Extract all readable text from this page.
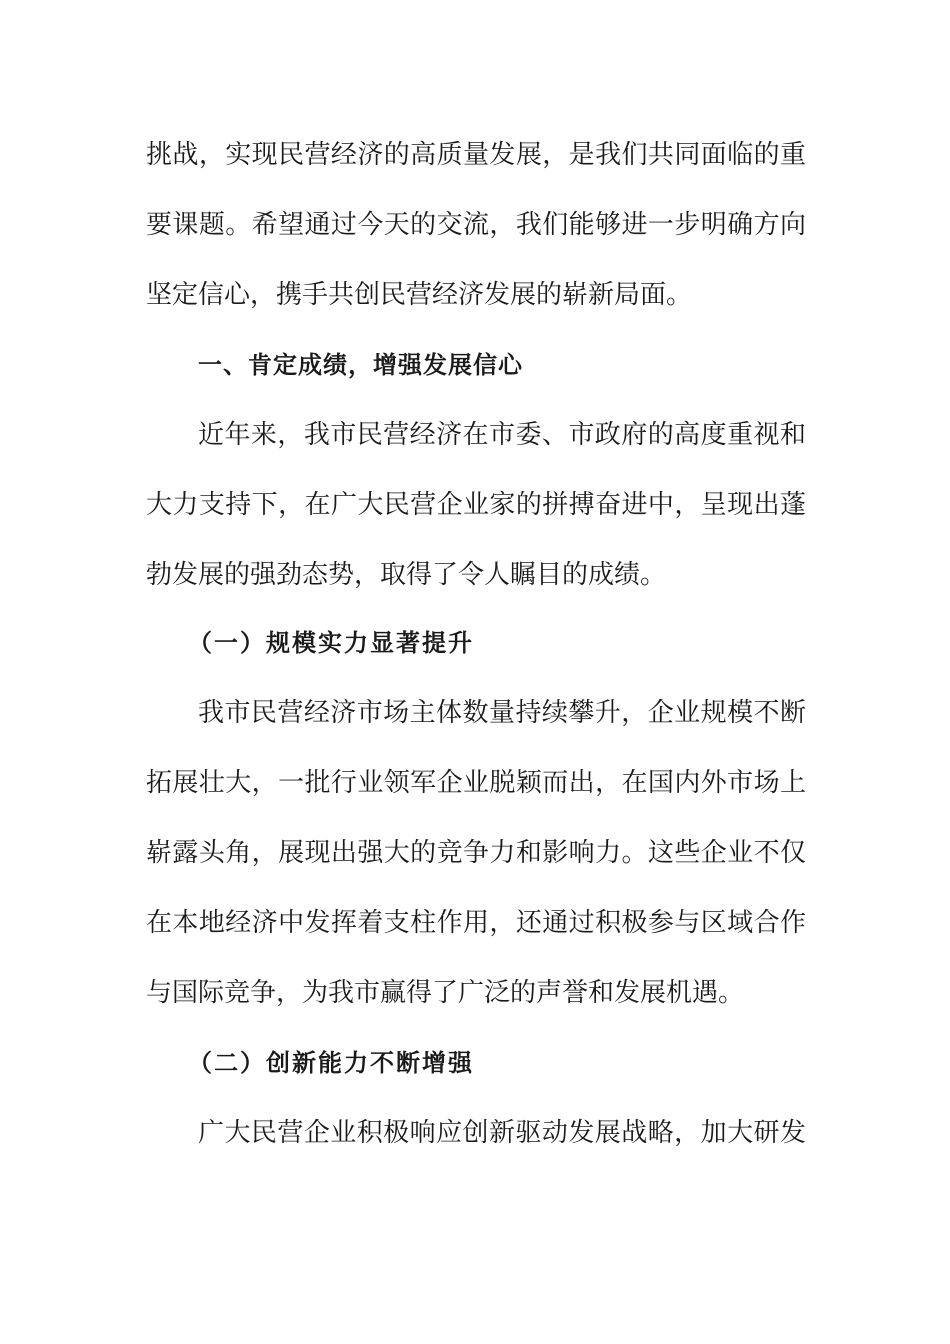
挑战，实现民营经济的高质量发展，是我们共同面临的重

要课题。希望通过今天的交流，我们能够进一步明确方向

坚定信心，携手共创民营经济发展的崭新局面。

一、肯定成绩，增强发展信心

近年来，我市民营经济在市委、市政府的高度重视和

大力支持下，在广大民营企业家的拼搏奋进中，呈现出蓬

勃发展的强劲态势，取得了令人瞩目的成绩。

（一）规模实力显著提升

我市民营经济市场主体数量持续攀升，企业规模不断

拓展壮大，一批行业领军企业脱颖而出，在国内外市场上

崭露头角，展现出强大的竞争力和影响力。这些企业不仅

在本地经济中发挥着支柱作用，还通过积极参与区域合作

与国际竞争，为我市赢得了广泛的声誉和发展机遇。

（二）创新能力不断增强

广大民营企业积极响应创新驱动发展战略，加大研发
